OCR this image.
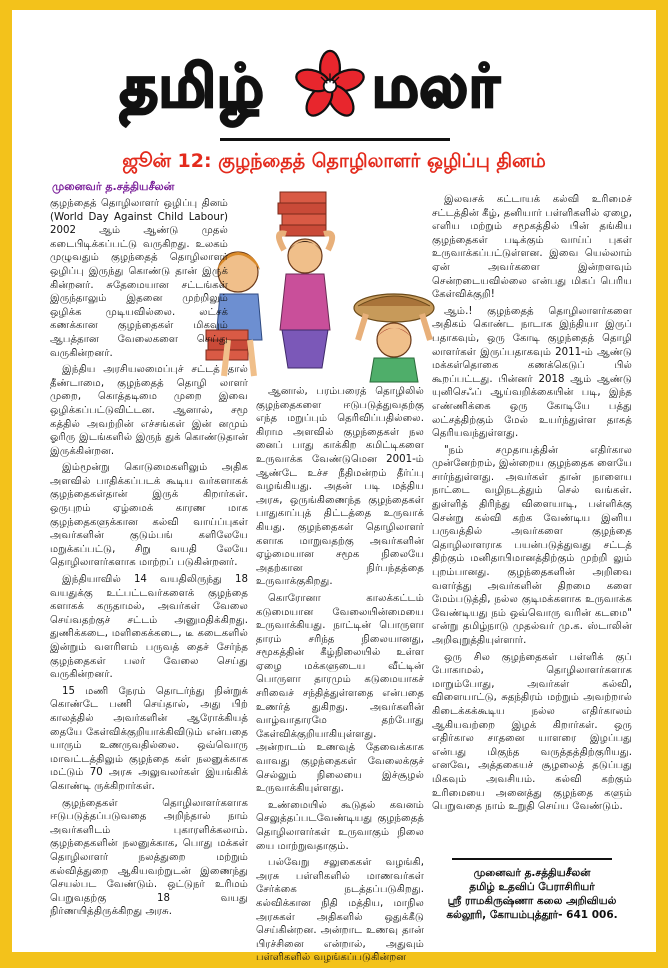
தமிழ் மலர்
ஜூன் 12: குழந்தைத் தொழிலாளர் ஒழிப்பு தினம்
முனைவர் த.சத்தியசீலன்

குழந்தைத் தொழிலாளர் ஒழிப்பு தினம் (World Day Against Child Labour) 2002 ஆம் ஆண்டு முதல் கடைபிடிக்கப்பட்டு வருகிறது. உலகம் முழுவதும் குழந்தைத் தொழிலாளர் ஒழிப்பு இருந்து கொண்டு தான் இருக் கின்றனர். சுதேமையான சட்டங்கள் இருந்தாலும் இதனை முற்றிலும் ஒழிக்க முடியவில்லை. லட்சக் கணக்கான குழந்தைகள் மிகவும் ஆபத்தான வேலைகளை செய்து வருகின்றனர்.

இந்திய அரசியலமைப்புச் சட்டத் தால் தீண்டாமை, குழந்தைத் தொழி லாளர் முறை, கொத்தடிமை முறை இவை ஒழிக்கப்பட்டுவிட்டன. ஆனால், சமூ கத்தில் அவற்றின் எச்சங்கள் இன் னமும் ஓரிரு இடங்களில் இருந் துக் கொண்டுதான் இருக்கின்றன.

இம்மூன்று கொடுமைகளிலும் அதிக அளவில் பாதிக்கப்படக் கூடிய வர்களாகக் குழந்தைகள்தான் இருக் கிறார்கள். ஒருபுறம் ஏழ்மைக் காரண மாக குழந்தைகளுக்கான கல்வி வாய்ப்புகள் அவர்களின் குடும்பங் களிலேயே மறுக்கப்பட்டு, சிறு வயதி லேயே தொழிலாளர்களாக மாற்றப் படுகின்றனர்.

இந்தியாவில் 14 வயதிலிருந்து 18 வயதுக்கு உட்பட்டவர்களைக் குழந்தை களாகக் கருதாமல், அவர்கள் வேலை செய்வதற்குச் சட்டம் அனுமதிக்கிறது. துணிக்கடை, மளிகைக்கடை, டீ கடைகளில் இன்றும் வளரிளம் பருவத் தைச் சேர்ந்த குழந்தைகள் பலர் வேலை செய்து வருகின்றனர்.

15 மணி நேரம் தொடர்ந்து நின்றுக் கொண்டே பணி செய்தால், அது பிற் காலத்தில் அவர்களின் ஆரோக்கியத் தையே கேள்விக்குறியாக்கிவிடும் என்பதை யாரும் உணருவதில்லை. ஒவ்வொரு மாவட்டத்திலும் குழந்தை கள் நலனுக்காக மட்டும் 70 அரசு அலுவலர்கள் இயங்கிக் கொண்டி ருக்கிறார்கள்.

குழந்தைகள் தொழிலாளர்களாக ஈடுபடுத்தப்படுவதை அறிந்தால் நாம் அவர்களிடம் புகாரளிக்கலாம். குழந்தைகளின் நலனுக்காக, பொது மக்கள் தொழிலாளர் நலத்துறை மற்றும் கல்வித்துறை ஆகியவற்றுடன் இணைந்து செயல்பட வேண்டும். ஒட்டுநர் உரிமம் பெறுவதற்கு 18 வயது நிர்ணயித்திருக்கிறது அரசு.

ஆனால், பரம்பரைத் தொழிலில் குழந்தைகளை ஈடுபடுத்துவதற்கு எந்த மறுப்பும் தெரிவிப்பதில்லை. கிராம அளவில் குழந்தைகள் நல னைப் பாது காக்கிற கமிட்டிகளை உருவாக்க வேண்டுமென 2001-ம் ஆண்டே உச்ச நீதிமன்றம் தீர்ப்பு வழங்கியது. அதன் படி மத்திய அரசு, ஒருங்கிணைந்த குழந்தைகள் பாதுகாப்புத் திட்டத்தை உருவாக் கியது. குழந்தைகள் தொழிலாளர் களாக மாறுவதற்கு அவர்களின் ஏழ்மையான சமூக நிலையே அதற்கான நிர்பந்தத்தை உருவாக்குகிறது.

கொரோனா காலக்கட்டம் கடுமையான வேலையின்மையை உருவாக்கியது. நாட்டின் பொருளா தாரம் சரிந்த நிலையானது, சமூகத்தின் கீழ்நிலையில் உள்ள ஏழை மக்களுடைய வீட்டின் பொருளா தாரமும் கடுமையாகச் சரிவைச் சந்தித்துள்ளதை என்பதை உணர்த் துகிறது. அவர்களின் வாழ்வாதாரமே தற்போது கேள்விக்குறியாகியுள்ளது. அன்றாடம் உணவுத் தேவைக்காக வாவது குழந்தைகள் வேலைக்குச் செல்லும் நிலையை இச்சூழல் உருவாக்கியுள்ளது.

உண்மையில் கூடுதல் கவனம் செலுத்தப்படவேண்டியது குழந்தைத் தொழிலாளர்கள் உருவாகும் நிலை யை மாற்றுவதாகும்.

பல்வேறு சலுகைகள் வழங்கி, அரசு பள்ளிகளில் மாணவர்கள் சேர்க்கை நடத்தப்படுகிறது. கல்விக்கான நிதி மத்திய, மாநில அரசுகள் அதிகளில் ஒதுக்கீடு செய்கின்றன. அன்றாட உணவு தான் பிரச்சினை என்றால், அதுவும் பள்ளிகளில் வழங்கப்படுகின்றன

இலவசக் கட்டாயக் கல்வி உரிமைச் சட்டத்தின் கீழ், தனியார் பள்ளிகளில் ஏழை, எளிய மற்றும் சமூகத்தில் பின் தங்கிய குழந்தைகள் படிக்கும் வாய்ப் புகள் உருவாக்கப்பட்டுள்ளன. இவை யெல்லாம் ஏன் அவர்களை இன்றளவும் சென்றடையவில்லை என்பது மிகப் பெரிய கேள்விக்குறி!

ஆம்.! குழந்தைத் தொழிலாளர்களை அதிகம் கொண்ட நாடாக இந்தியா இருப் பதாகவும், ஒரு கோடி குழந்தைத் தொழி லாளர்கள் இருப்பதாகவும் 2011-ம் ஆண்டு மக்கள்தொகை கணக்கெடுப் பில் கூறப்பட்டது. பின்னர் 2018 ஆம் ஆண்டு யுனிசெஃப் ஆய்வறிக்கையின் படி, இந்த எண்ணிக்கை ஒரு கோடியே பத்து லட்சத்திற்கும் மேல் உயர்ந்துள்ள தாகத் தெரியவந்துள்ளது.

"நம் சமுதாயத்தின் எதிர்கால முன்னேற்றம், இன்றைய குழந்தைக ளையே சார்ந்துள்ளது. அவர்கள் தான் நாளைய நாட்டை வழிநடத்தும் செல் வங்கள். துள்ளித் திரிந்து விளையாடி, பள்ளிக்கு சென்று கல்வி கற்க வேண்டிய இனிய பருவத்தில் அவர்களை குழந்தை தொழிலாளராக பயன்படுத்துவது சட்டத் திற்கும் மனிதாபிமானத்திற்கும் முற்றி லும் புறம்பானது. குழந்தைகளின் அறிவை வளர்த்து அவர்களின் திறமை களை மேம்படுத்தி, நல்ல குடிமக்களாக உருவாக்க வேண்டியது நம் ஒவ்வொரு வரின் கடமை" என்று தமிழ்நாடு முதல்வர் மு.க. ஸ்டாலின் அறிவுறுத்தியுள்ளார்.

ஒரு சில குழந்தைகள் பள்ளிக் குப் போகாமல், தொழிலாளர்களாக மாறும்போது, அவர்கள் கல்வி, விளையாட்டு, சுதந்திரம் மற்றும் அவற்றால் கிடைக்கக்கூடிய நல்ல எதிர்காலம் ஆகியவற்றை இழக் கிறார்கள். ஒரு எதிர்கால சாதனை யாளரை இழப்பது என்பது மிகுந்த வருத்தத்திற்குரியது. எனவே, அத்தகையச் சூழலைத் தடுப்பது மிகவும் அவசியம். கல்வி கற்கும் உரிமையை அனைத்து குழந்தை களும் பெறுவதை நாம் உறுதி செய்ய வேண்டும்.

முனைவர் த.சத்தியசீலன்
தமிழ் உதவிப் பேராசிரியர்
ஸ்ரீ ராமகிருஷ்ணா கலை அறிவியல்
கல்லூரி, கோயம்புத்தூர்- 641 006.
